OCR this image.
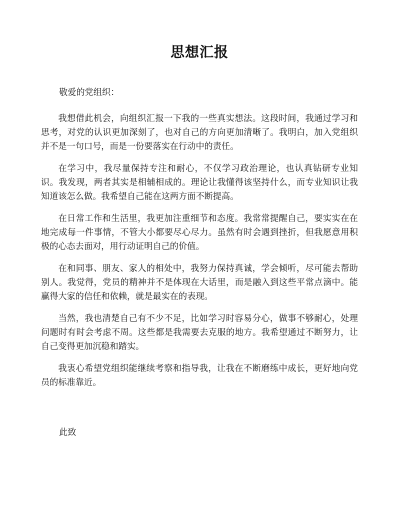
思想汇报
敬爱的党组织：

我想借此机会，向组织汇报一下我的一些真实想法。这段时间，我通过学习和思考，对党的认识更加深刻了，也对自己的方向更加清晰了。我明白，加入党组织并不是一句口号，而是一份要落实在行动中的责任。

在学习中，我尽量保持专注和耐心，不仅学习政治理论，也认真钻研专业知识。我发现，两者其实是相辅相成的。理论让我懂得该坚持什么，而专业知识让我知道该怎么做。我希望自己能在这两方面不断提高。

在日常工作和生活里，我更加注重细节和态度。我常常提醒自己，要实实在在地完成每一件事情，不管大小都要尽心尽力。虽然有时会遇到挫折，但我愿意用积极的心态去面对，用行动证明自己的价值。

在和同事、朋友、家人的相处中，我努力保持真诚，学会倾听，尽可能去帮助别人。我觉得，党员的精神并不是体现在大话里，而是融入到这些平常点滴中。能赢得大家的信任和依赖，就是最实在的表现。

当然，我也清楚自己有不少不足，比如学习时容易分心，做事不够耐心，处理问题时有时会考虑不周。这些都是我需要去克服的地方。我希望通过不断努力，让自己变得更加沉稳和踏实。

我衷心希望党组织能继续考察和指导我，让我在不断磨练中成长，更好地向党员的标准靠近。

此致
